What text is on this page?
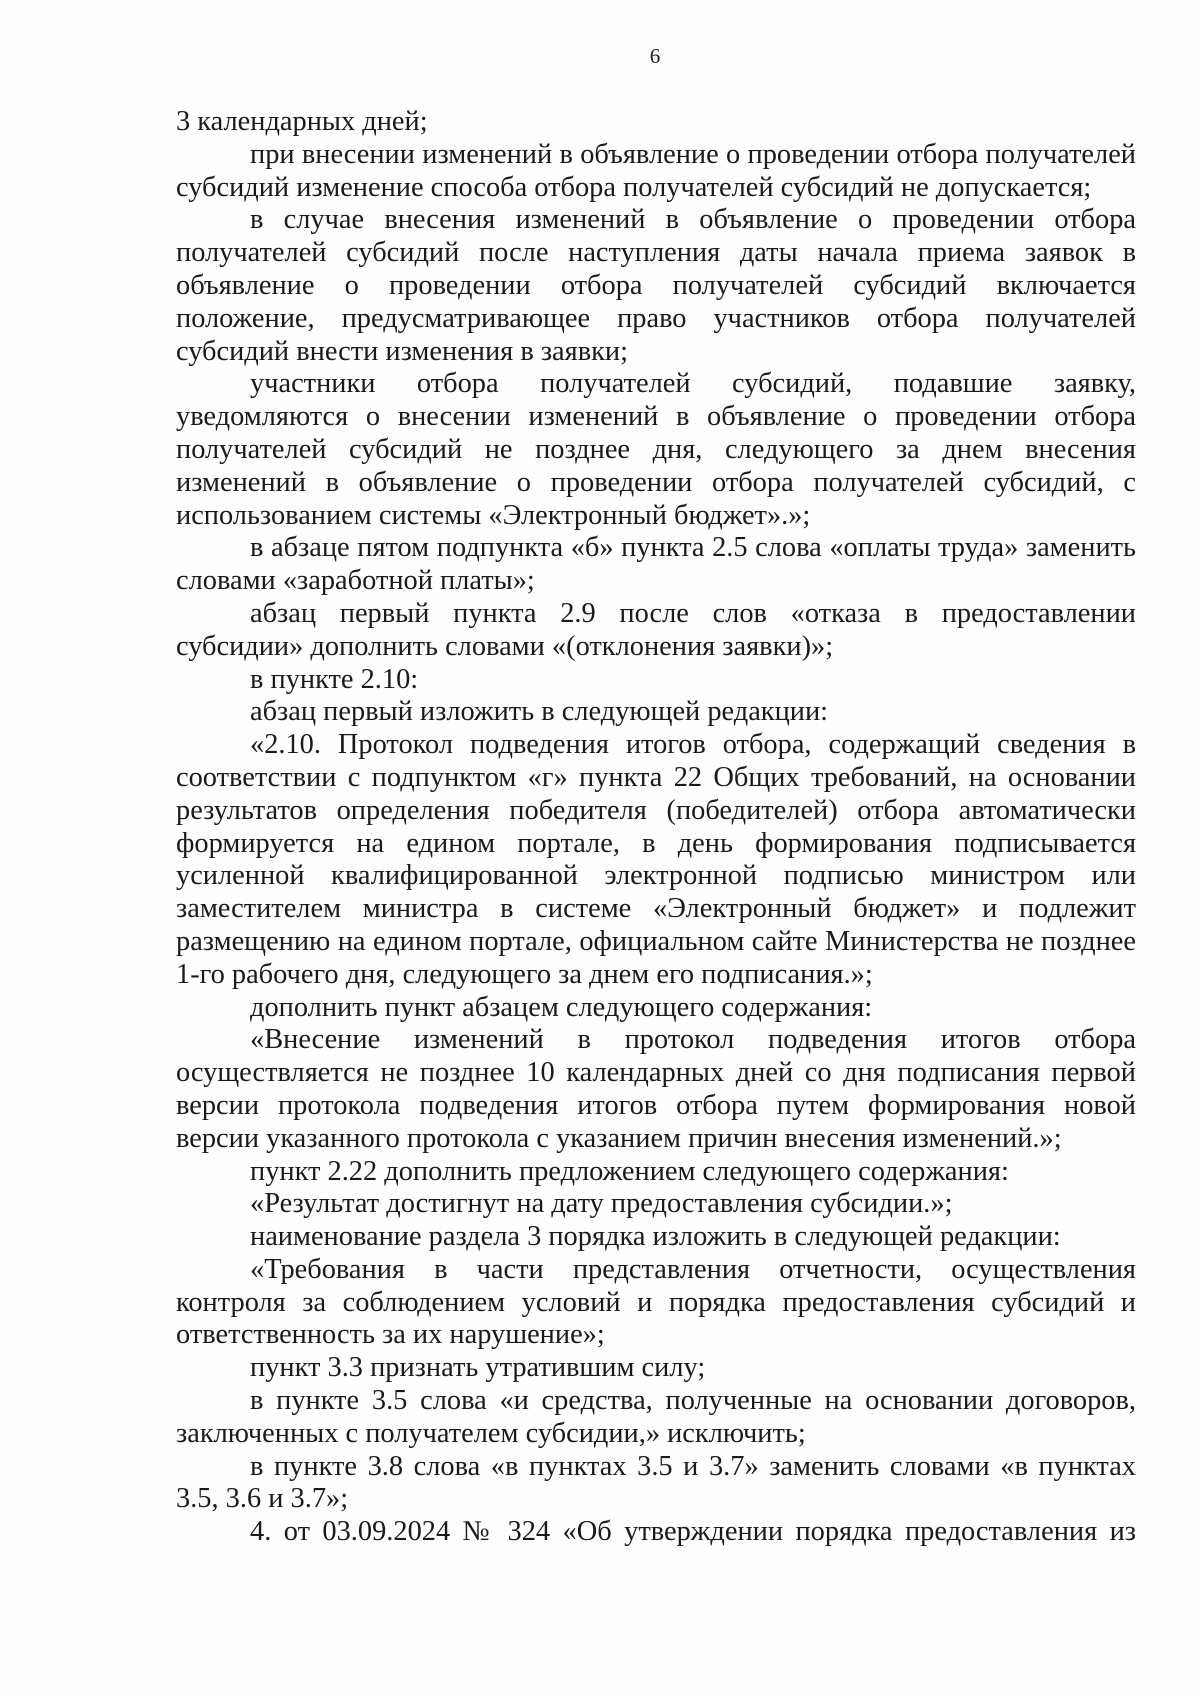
6

3 календарных дней;

при внесении изменений в объявление о проведении отбора получателей субсидий изменение способа отбора получателей субсидий не допускается;

в случае внесения изменений в объявление о проведении отбора получателей субсидий после наступления даты начала приема заявок в объявление о проведении отбора получателей субсидий включается положение, предусматривающее право участников отбора получателей субсидий внести изменения в заявки;

участники отбора получателей субсидий, подавшие заявку, уведомляются о внесении изменений в объявление о проведении отбора получателей субсидий не позднее дня, следующего за днем внесения изменений в объявление о проведении отбора получателей субсидий, с использованием системы «Электронный бюджет».»;

в абзаце пятом подпункта «б» пункта 2.5 слова «оплаты труда» заменить словами «заработной платы»;

абзац первый пункта 2.9 после слов «отказа в предоставлении субсидии» дополнить словами «(отклонения заявки)»;

в пункте 2.10:

абзац первый изложить в следующей редакции:

«2.10. Протокол подведения итогов отбора, содержащий сведения в соответствии с подпунктом «г» пункта 22 Общих требований, на основании результатов определения победителя (победителей) отбора автоматически формируется на едином портале, в день формирования подписывается усиленной квалифицированной электронной подписью министром или заместителем министра в системе «Электронный бюджет» и подлежит размещению на едином портале, официальном сайте Министерства не позднее 1-го рабочего дня, следующего за днем его подписания.»;

дополнить пункт абзацем следующего содержания:

«Внесение изменений в протокол подведения итогов отбора осуществляется не позднее 10 календарных дней со дня подписания первой версии протокола подведения итогов отбора путем формирования новой версии указанного протокола с указанием причин внесения изменений.»;

пункт 2.22 дополнить предложением следующего содержания:

«Результат достигнут на дату предоставления субсидии.»;

наименование раздела 3 порядка изложить в следующей редакции:

«Требования в части представления отчетности, осуществления контроля за соблюдением условий и порядка предоставления субсидий и ответственность за их нарушение»;

пункт 3.3 признать утратившим силу;

в пункте 3.5 слова «и средства, полученные на основании договоров, заключенных с получателем субсидии,» исключить;

в пункте 3.8 слова «в пунктах 3.5 и 3.7» заменить словами «в пунктах 3.5, 3.6 и 3.7»;

4. от 03.09.2024 № 324 «Об утверждении порядка предоставления из
